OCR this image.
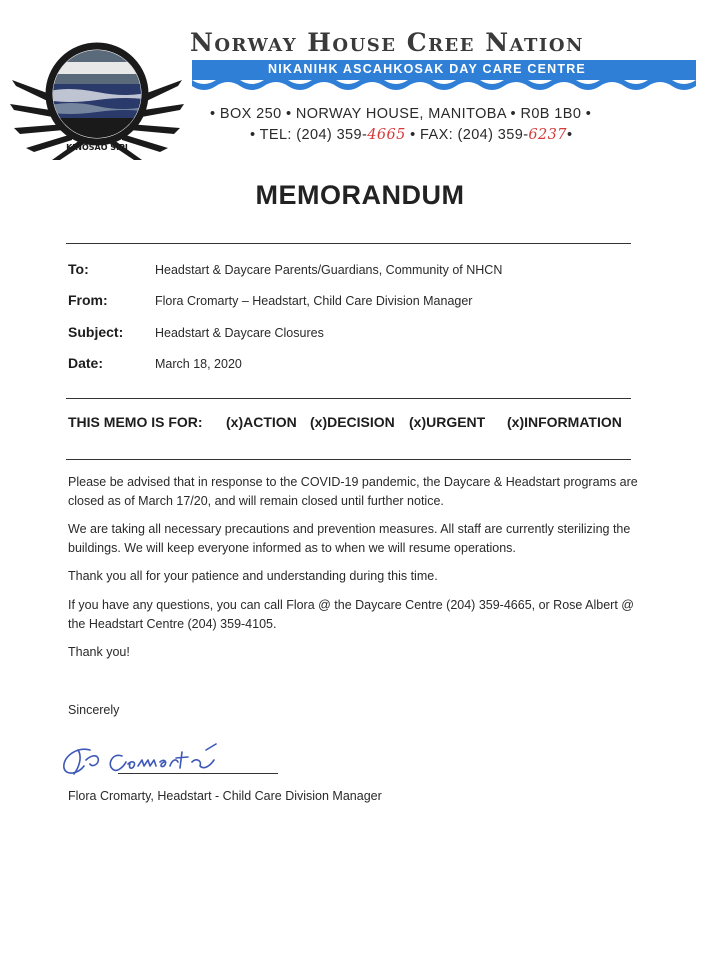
KINOSAO SIPI
Norway House Cree Nation
NIKANIHK ASCAHKOSAK DAY CARE CENTRE
• BOX 250 • NORWAY HOUSE, MANITOBA • R0B 1B0 •
• TEL: (204) 359-4665 • FAX: (204) 359-6237•
MEMORANDUM
To:	Headstart & Daycare Parents/Guardians, Community of NHCN
From:	Flora Cromarty – Headstart, Child Care Division Manager
Subject:	Headstart & Daycare Closures
Date:	March 18, 2020
THIS MEMO IS FOR: (x)ACTION (x)DECISION (x)URGENT (x)INFORMATION
Please be advised that in response to the COVID-19 pandemic, the Daycare & Headstart programs are closed as of March 17/20, and will remain closed until further notice.
We are taking all necessary precautions and prevention measures. All staff are currently sterilizing the buildings. We will keep everyone informed as to when we will resume operations.
Thank you all for your patience and understanding during this time.
If you have any questions, you can call Flora @ the Daycare Centre (204) 359-4665, or Rose Albert @ the Headstart Centre (204) 359-4105.
Thank you!
Sincerely
Flora Cromarty, Headstart - Child Care Division Manager
